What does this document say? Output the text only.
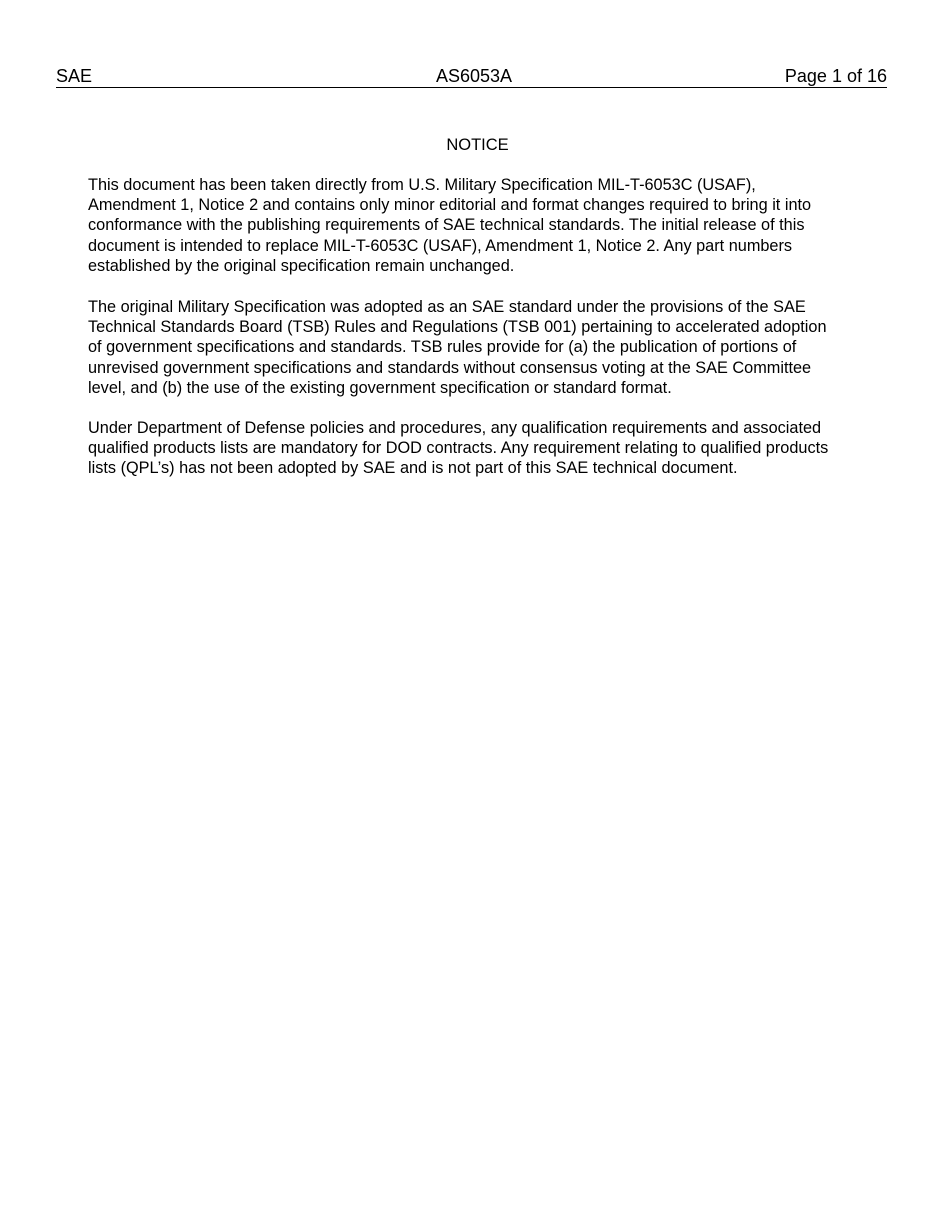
SAE	AS6053A	Page 1 of 16
NOTICE
This document has been taken directly from U.S. Military Specification MIL-T-6053C (USAF),
Amendment 1, Notice 2 and contains only minor editorial and format changes required to bring it into
conformance with the publishing requirements of SAE technical standards. The initial release of this
document is intended to replace MIL-T-6053C (USAF), Amendment 1, Notice 2. Any part numbers
established by the original specification remain unchanged.
The original Military Specification was adopted as an SAE standard under the provisions of the SAE
Technical Standards Board (TSB) Rules and Regulations (TSB 001) pertaining to accelerated adoption
of government specifications and standards. TSB rules provide for (a) the publication of portions of
unrevised government specifications and standards without consensus voting at the SAE Committee
level, and (b) the use of the existing government specification or standard format.
Under Department of Defense policies and procedures, any qualification requirements and associated
qualified products lists are mandatory for DOD contracts. Any requirement relating to qualified products
lists (QPL’s) has not been adopted by SAE and is not part of this SAE technical document.
